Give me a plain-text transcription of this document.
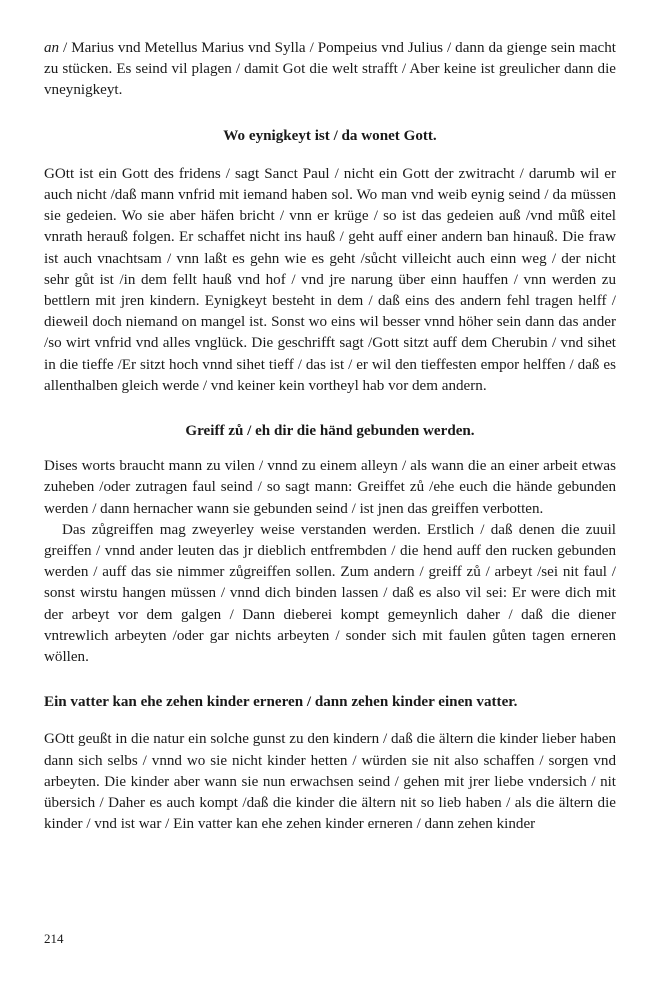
an / Marius vnd Metellus Marius vnd Sylla / Pompeius vnd Julius / dann da gienge sein macht zu stücken. Es seind vil plagen / damit Got die welt strafft / Aber keine ist greulicher dann die vneynigkeyt.

Wo eynigkeyt ist / da wonet Gott.

GOtt ist ein Gott des fridens / sagt Sanct Paul / nicht ein Gott der zwitracht / darumb wil er auch nicht /daß mann vnfrid mit iemand haben sol. Wo man vnd weib eynig seind / da müssen sie gedeien. Wo sie aber häfen bricht / vnn er krüge / so ist das gedeien auß /vnd mů̈ß eitel vnrath herauß folgen. Er schaffet nicht ins hauß / geht auff einer andern ban hinauß. Die fraw ist auch vnachtsam / vnn laßt es gehn wie es geht /sůcht villeicht auch einn weg / der nicht sehr gůt ist /in dem fellt hauß vnd hof / vnd jre narung über einn hauffen / vnn werden zu bettlern mit jren kindern. Eynigkeyt besteht in dem / daß eins des andern fehl tragen helff / dieweil doch niemand on mangel ist. Sonst wo eins wil besser vnnd höher sein dann das ander /so wirt vnfrid vnd alles vnglück. Die geschrifft sagt /Gott sitzt auff dem Cherubin / vnd sihet in die tieffe /Er sitzt hoch vnnd sihet tieff / das ist / er wil den tieffesten empor helffen / daß es allenthalben gleich werde / vnd keiner kein vortheyl hab vor dem andern.

Greiff zů / eh dir die händ gebunden werden.

Dises worts braucht mann zu vilen / vnnd zu einem alleyn / als wann die an einer arbeit etwas zuheben /oder zutragen faul seind / so sagt mann: Greiffet zů /ehe euch die hände gebunden werden / dann hernacher wann sie gebunden seind / ist jnen das greiffen verbotten.

Das zůgreiffen mag zweyerley weise verstanden werden. Erstlich / daß denen die zuuil greiffen / vnnd ander leuten das jr dieblich entfrembden / die hend auff den rucken gebunden werden / auff das sie nimmer zůgreiffen sollen. Zum andern / greiff zů / arbeyt /sei nit faul / sonst wirstu hangen müssen / vnnd dich binden lassen / daß es also vil sei: Er were dich mit der arbeyt vor dem galgen / Dann dieberei kompt gemeynlich daher / daß die diener vntrewlich arbeyten /oder gar nichts arbeyten / sonder sich mit faulen gůten tagen erneren wöllen.

Ein vatter kan ehe zehen kinder erneren / dann zehen kinder einen vatter.

GOtt geußt in die natur ein solche gunst zu den kindern / daß die ältern die kinder lieber haben dann sich selbs / vnnd wo sie nicht kinder hetten / würden sie nit also schaffen / sorgen vnd arbeyten. Die kinder aber wann sie nun erwachsen seind / gehen mit jrer liebe vndersich / nit übersich / Daher es auch kompt /daß die kinder die ältern nit so lieb haben / als die ältern die kinder / vnd ist war / Ein vatter kan ehe zehen kinder erneren / dann zehen kinder

214
